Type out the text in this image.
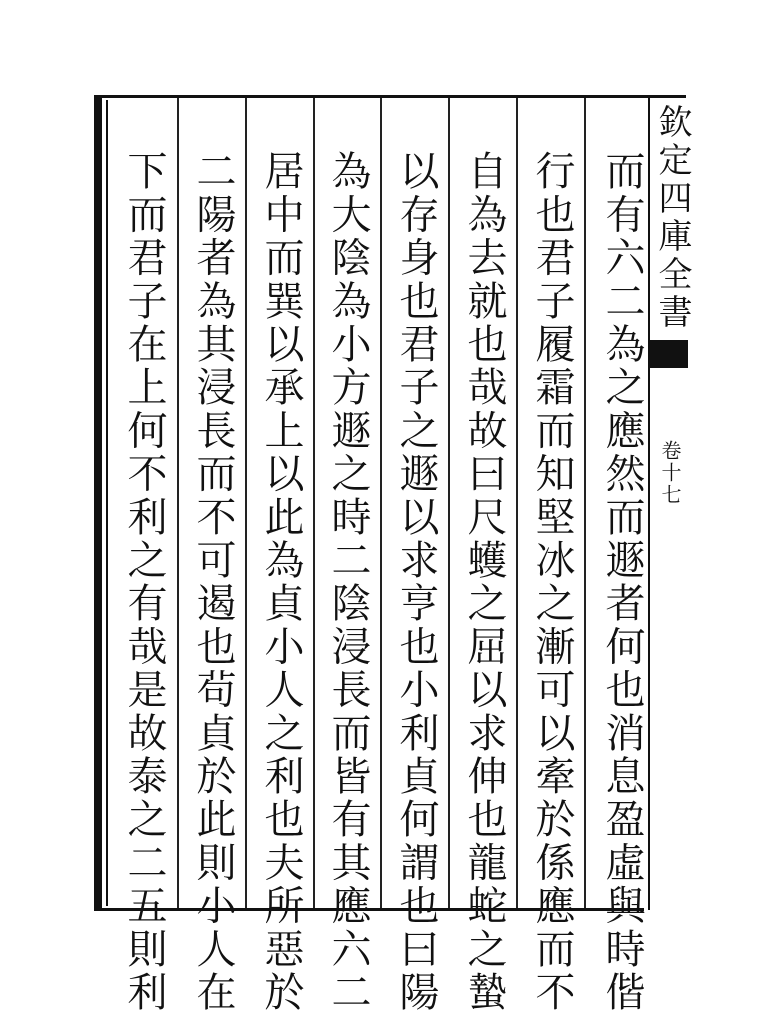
欽定四庫全書
卷十七
而有六二為之應然而遯者何也消息盈虛與時偕
行也君子履霜而知堅冰之漸可以牽於係應而不
自為去就也哉故曰尺蠖之屈以求伸也龍蛇之蟄
以存身也君子之遯以求亨也小利貞何謂也曰陽
為大陰為小方遯之時二陰浸長而皆有其應六二
居中而巽以承上以此為貞小人之利也夫所惡於
二陽者為其浸長而不可遏也茍貞於此則小人在
下而君子在上何不利之有哉是故泰之二五則利
